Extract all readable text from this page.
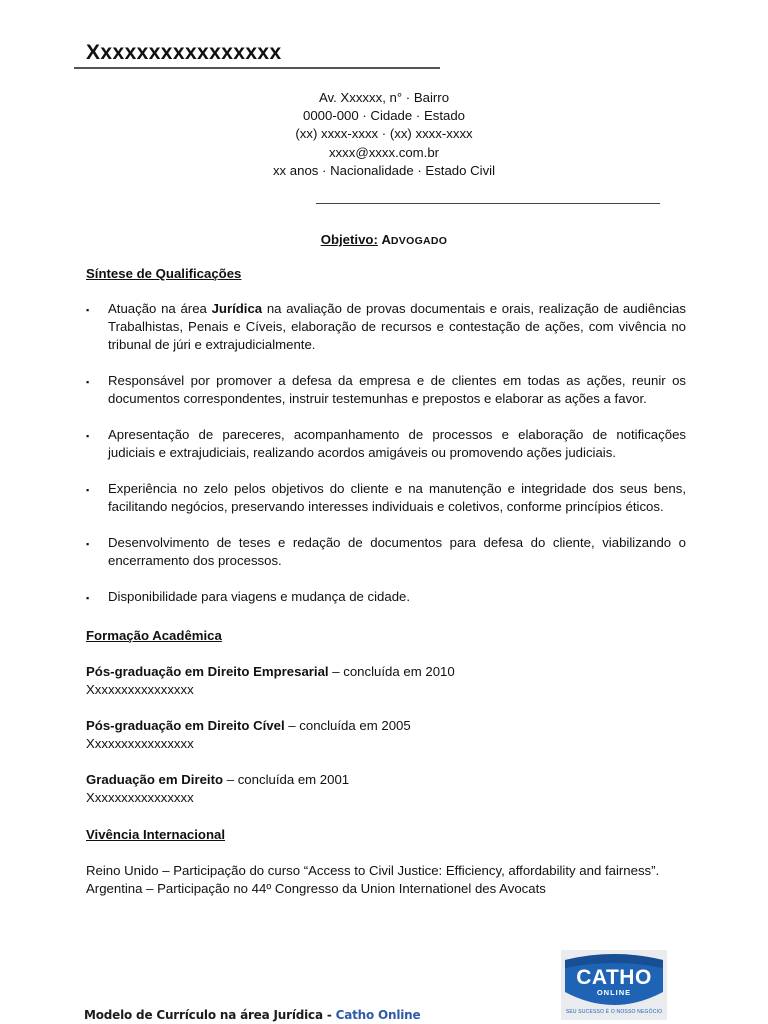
Xxxxxxxxxxxxxxxx
Av. Xxxxxx, n° · Bairro
0000-000 · Cidade · Estado
(xx) xxxx-xxxx · (xx) xxxx-xxxx
xxxx@xxxx.com.br
xx anos · Nacionalidade · Estado Civil
Objetivo: ADVOGADO
Síntese de Qualificações
▪ Atuação na área Jurídica na avaliação de provas documentais e orais, realização de audiências Trabalhistas, Penais e Cíveis, elaboração de recursos e contestação de ações, com vivência no tribunal de júri e extrajudicialmente.
▪ Responsável por promover a defesa da empresa e de clientes em todas as ações, reunir os documentos correspondentes, instruir testemunhas e prepostos e elaborar as ações a favor.
▪ Apresentação de pareceres, acompanhamento de processos e elaboração de notificações judiciais e extrajudiciais, realizando acordos amigáveis ou promovendo ações judiciais.
▪ Experiência no zelo pelos objetivos do cliente e na manutenção e integridade dos seus bens, facilitando negócios, preservando interesses individuais e coletivos, conforme princípios éticos.
▪ Desenvolvimento de teses e redação de documentos para defesa do cliente, viabilizando o encerramento dos processos.
▪ Disponibilidade para viagens e mudança de cidade.
Formação Acadêmica
Pós-graduação em Direito Empresarial – concluída em 2010
Xxxxxxxxxxxxxxxx
Pós-graduação em Direito Cível – concluída em 2005
Xxxxxxxxxxxxxxxx
Graduação em Direito – concluída em 2001
Xxxxxxxxxxxxxxxx
Vivência Internacional
Reino Unido – Participação do curso “Access to Civil Justice: Efficiency, affordability and fairness”.
Argentina – Participação no 44º Congresso da Union Internationel des Avocats
Modelo de Currículo na área Jurídica - Catho Online
CATHO
ONLINE
SEU SUCESSO É O NOSSO NEGÓCIO
